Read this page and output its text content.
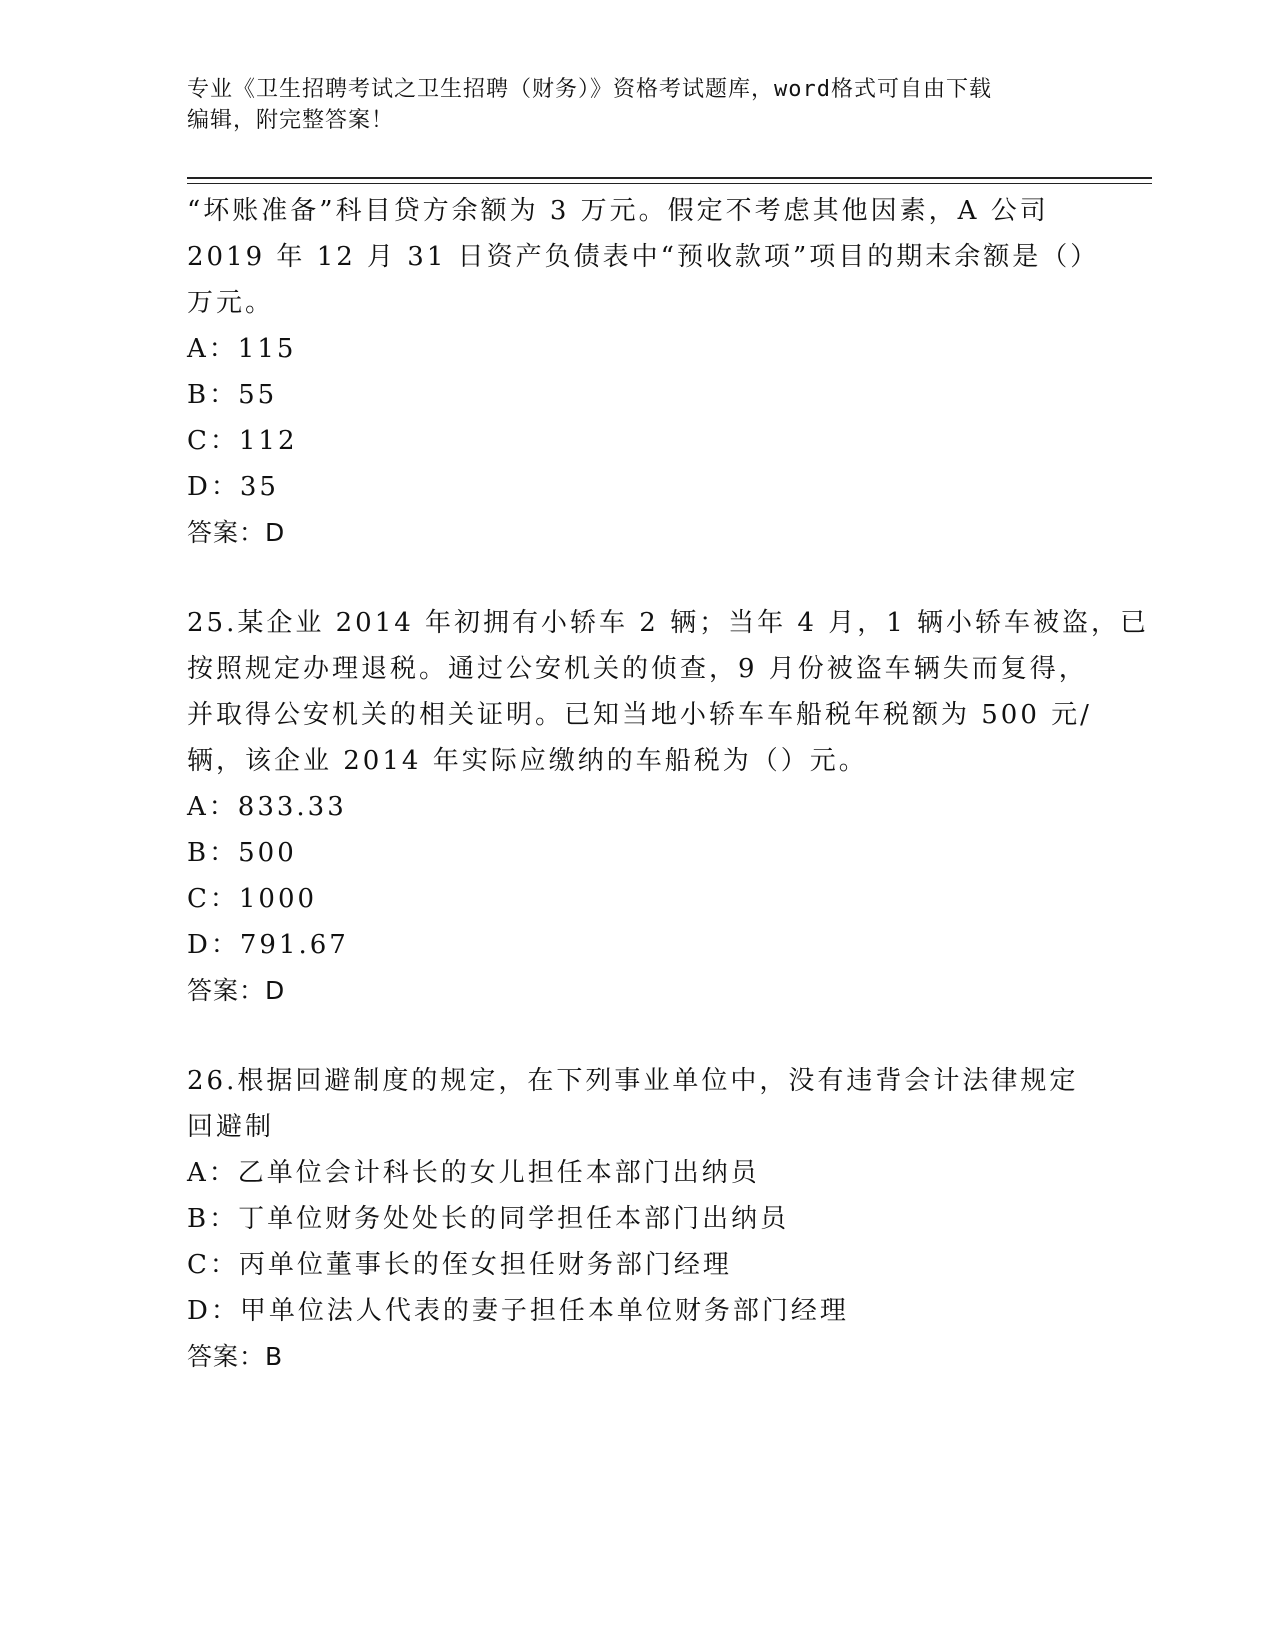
专业《卫生招聘考试之卫生招聘（财务）》资格考试题库，word格式可自由下载
编辑，附完整答案！
“坏账准备”科目贷方余额为 3 万元。假定不考虑其他因素，A 公司
2019 年 12 月 31 日资产负债表中“预收款项”项目的期末余额是（）
万元。
A：115
B：55
C：112
D：35
答案：D
25.某企业 2014 年初拥有小轿车 2 辆；当年 4 月，1 辆小轿车被盗，已
按照规定办理退税。通过公安机关的侦查，9 月份被盗车辆失而复得，
并取得公安机关的相关证明。已知当地小轿车车船税年税额为 500 元/
辆，该企业 2014 年实际应缴纳的车船税为（）元。
A：833.33
B：500
C：1000
D：791.67
答案：D
26.根据回避制度的规定，在下列事业单位中，没有违背会计法律规定
回避制
A：乙单位会计科长的女儿担任本部门出纳员
B：丁单位财务处处长的同学担任本部门出纳员
C：丙单位董事长的侄女担任财务部门经理
D：甲单位法人代表的妻子担任本单位财务部门经理
答案：B
